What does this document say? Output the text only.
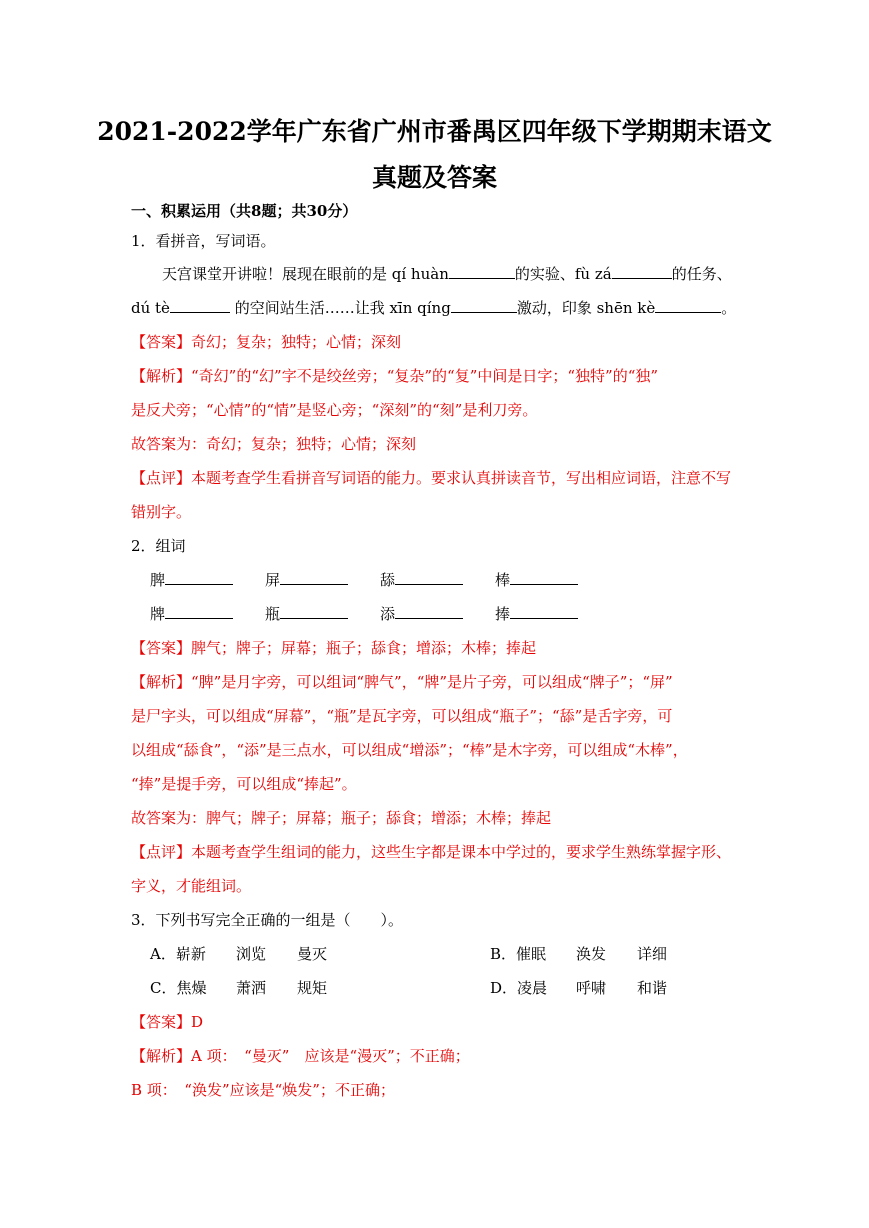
2021-2022学年广东省广州市番禺区四年级下学期期末语文
真题及答案
一、积累运用（共8题；共30分）
1．看拼音，写词语。
天宫课堂开讲啦！展现在眼前的是 qí huàn	的实验、fù zá	的任务、
dú tè	的空间站生活……让我 xīn qíng	激动，印象 shēn kè	。
【答案】奇幻；复杂；独特；心情；深刻
【解析】“奇幻”的“幻”字不是绞丝旁；“复杂”的“复”中间是日字；“独特”的“独”
是反犬旁；“心情”的“情”是竖心旁；“深刻”的“刻”是利刀旁。
故答案为：奇幻；复杂；独特；心情；深刻
【点评】本题考查学生看拼音写词语的能力。要求认真拼读音节，写出相应词语，注意不写
错别字。
2．组词
脾	屏	舔	棒
牌	瓶	添	捧
【答案】脾气；牌子；屏幕；瓶子；舔食；增添；木棒；捧起
【解析】“脾”是月字旁，可以组词“脾气”，“牌”是片子旁，可以组成“牌子”；“屏”
是尸字头，可以组成“屏幕”，“瓶”是瓦字旁，可以组成“瓶子”；“舔”是舌字旁，可
以组成“舔食”，“添”是三点水，可以组成“增添”；“棒”是木字旁，可以组成“木棒”，
“捧”是提手旁，可以组成“捧起”。
故答案为：脾气；牌子；屏幕；瓶子；舔食；增添；木棒；捧起
【点评】本题考查学生组词的能力，这些生字都是课本中学过的，要求学生熟练掌握字形、
字义，才能组词。
3．下列书写完全正确的一组是（　　）。
A．崭新 浏览 曼灭	B．催眠 涣发 详细
C．焦燥 萧洒 规矩	D．凌晨 呼啸 和谐
【答案】D
【解析】A 项：　“曼灭”　应该是“漫灭”；不正确；
B 项：　“涣发”应该是“焕发”；不正确；
